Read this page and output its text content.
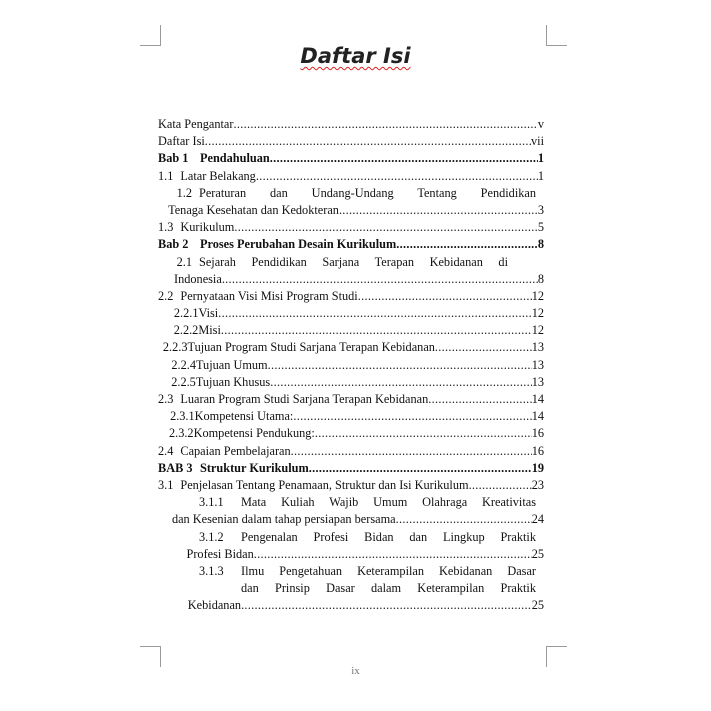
Daftar Isi
Kata Pengantar .....	v
Daftar Isi .....	vii
Bab 1 Pendahuluan .....	1
1.1 Latar Belakang .....	1
1.2 Peraturan dan Undang-Undang Tentang Pendidikan
Tenaga Kesehatan dan Kedokteran .....	3
1.3 Kurikulum .....	5
Bab 2 Proses Perubahan Desain Kurikulum .....	8
2.1 Sejarah Pendidikan Sarjana Terapan Kebidanan di
Indonesia .....	8
2.2 Pernyataan Visi Misi Program Studi .....	12
2.2.1 Visi .....	12
2.2.2 Misi .....	12
2.2.3 Tujuan Program Studi Sarjana Terapan Kebidanan .....	13
2.2.4 Tujuan Umum .....	13
2.2.5 Tujuan Khusus .....	13
2.3 Luaran Program Studi Sarjana Terapan Kebidanan .....	14
2.3.1 Kompetensi Utama: .....	14
2.3.2 Kompetensi Pendukung: .....	16
2.4 Capaian Pembelajaran .....	16
BAB 3 Struktur Kurikulum .....	19
3.1 Penjelasan Tentang Penamaan, Struktur dan Isi Kurikulum .....	23
3.1.1	Mata Kuliah Wajib Umum Olahraga Kreativitas
dan Kesenian dalam tahap persiapan bersama .....	24
3.1.2	Pengenalan Profesi Bidan dan Lingkup Praktik
Profesi Bidan .....	25
3.1.3	Ilmu Pengetahuan Keterampilan Kebidanan Dasar
dan Prinsip Dasar dalam Keterampilan Praktik
Kebidanan .....	25
ix
